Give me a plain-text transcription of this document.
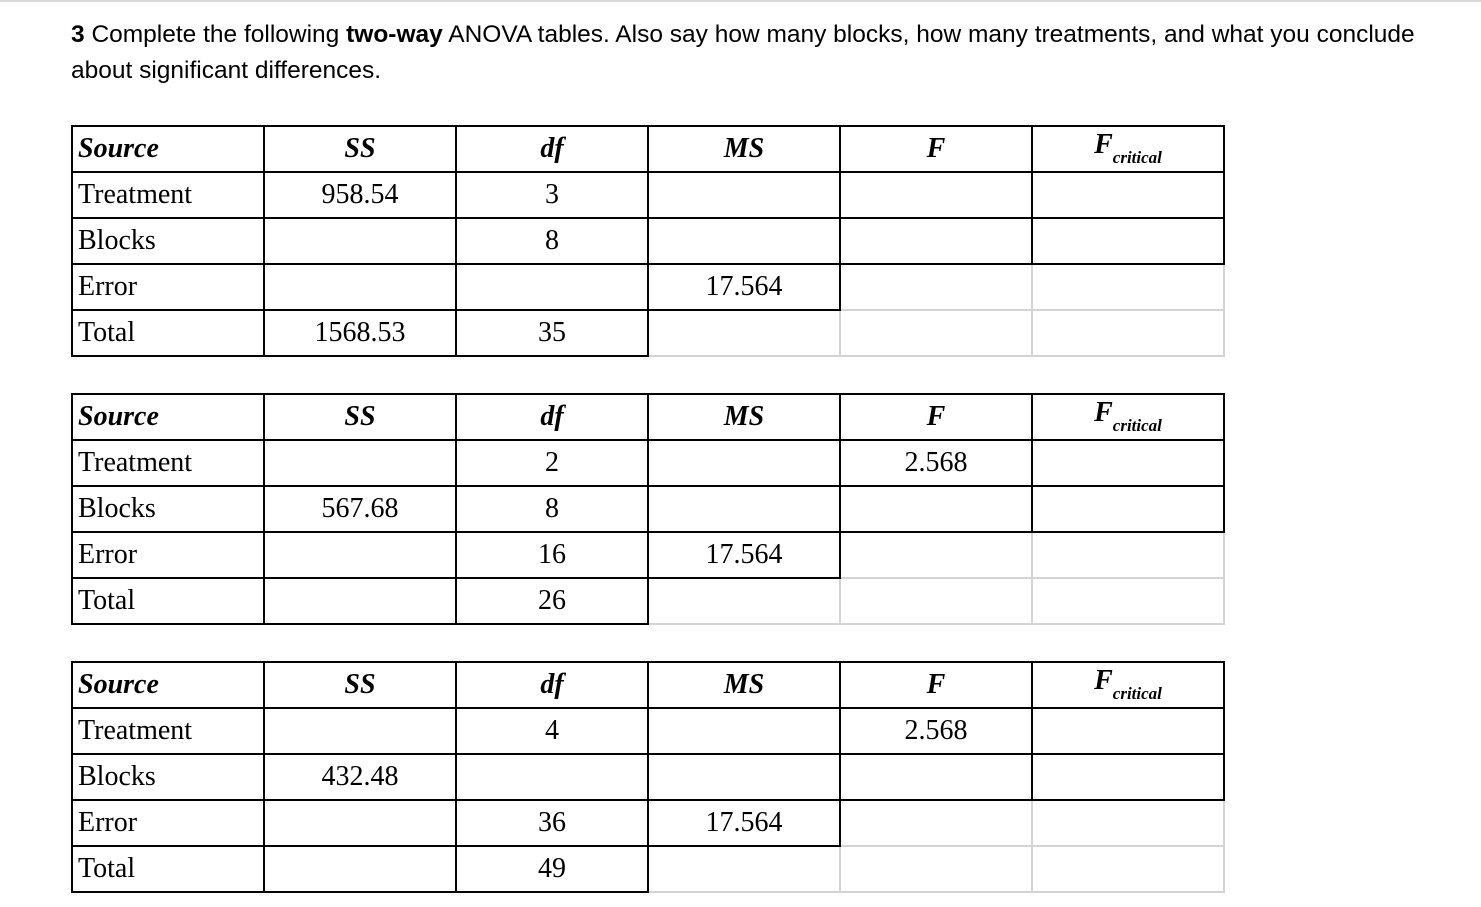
3 Complete the following two-way ANOVA tables. Also say how many blocks, how many treatments, and what you conclude about significant differences.
Source	SS	df	MS	F	$F_{critical}$
Treatment	958.54	3			
Blocks		8			
Error			17.564		
Total	1568.53	35			
Source	SS	df	MS	F	$F_{critical}$
Treatment		2		2.568	
Blocks	567.68	8			
Error		16	17.564		
Total		26			
Source	SS	df	MS	F	$F_{critical}$
Treatment		4		2.568	
Blocks	432.48				
Error		36	17.564		
Total		49			
